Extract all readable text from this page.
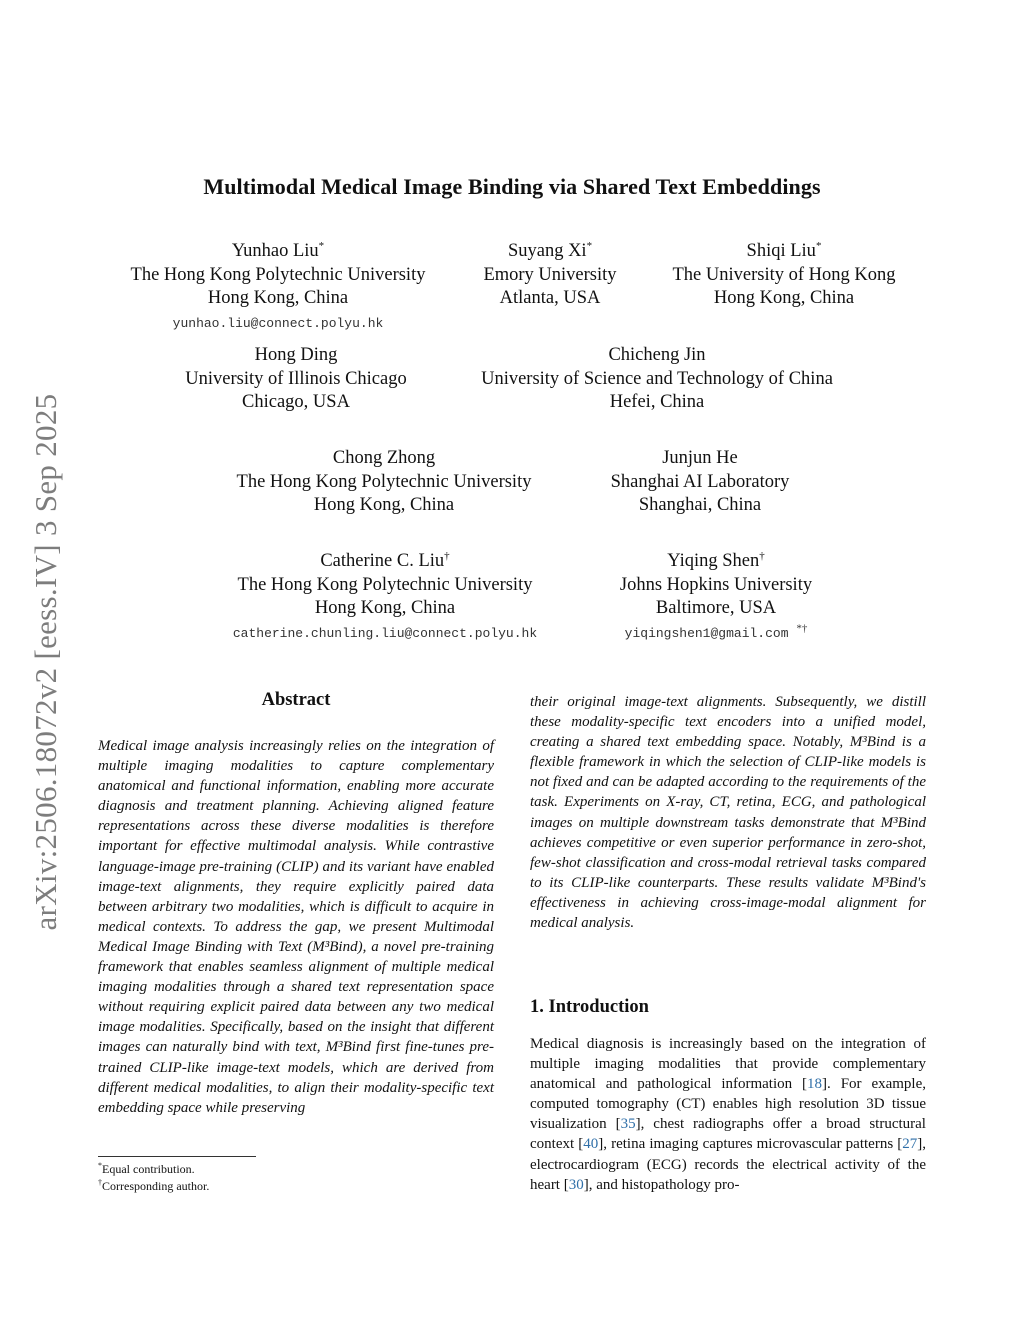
arXiv:2506.18072v2 [eess.IV] 3 Sep 2025
Multimodal Medical Image Binding via Shared Text Embeddings
Yunhao Liu*
The Hong Kong Polytechnic University
Hong Kong, China
yunhao.liu@connect.polyu.hk
Suyang Xi*
Emory University
Atlanta, USA
Shiqi Liu*
The University of Hong Kong
Hong Kong, China
Hong Ding
University of Illinois Chicago
Chicago, USA
Chicheng Jin
University of Science and Technology of China
Hefei, China
Chong Zhong
The Hong Kong Polytechnic University
Hong Kong, China
Junjun He
Shanghai AI Laboratory
Shanghai, China
Catherine C. Liu†
The Hong Kong Polytechnic University
Hong Kong, China
catherine.chunling.liu@connect.polyu.hk
Yiqing Shen†
Johns Hopkins University
Baltimore, USA
yiqingshen1@gmail.com *†
Abstract
Medical image analysis increasingly relies on the integration of multiple imaging modalities to capture complementary anatomical and functional information, enabling more accurate diagnosis and treatment planning. Achieving aligned feature representations across these diverse modalities is therefore important for effective multimodal analysis. While contrastive language-image pre-training (CLIP) and its variant have enabled image-text alignments, they require explicitly paired data between arbitrary two modalities, which is difficult to acquire in medical contexts. To address the gap, we present Multimodal Medical Image Binding with Text (M³Bind), a novel pre-training framework that enables seamless alignment of multiple medical imaging modalities through a shared text representation space without requiring explicit paired data between any two medical image modalities. Specifically, based on the insight that different images can naturally bind with text, M³Bind first fine-tunes pre-trained CLIP-like image-text models, which are derived from different medical modalities, to align their modality-specific text embedding space while preserving
their original image-text alignments. Subsequently, we distill these modality-specific text encoders into a unified model, creating a shared text embedding space. Notably, M³Bind is a flexible framework in which the selection of CLIP-like models is not fixed and can be adapted according to the requirements of the task. Experiments on X-ray, CT, retina, ECG, and pathological images on multiple downstream tasks demonstrate that M³Bind achieves competitive or even superior performance in zero-shot, few-shot classification and cross-modal retrieval tasks compared to its CLIP-like counterparts. These results validate M³Bind's effectiveness in achieving cross-image-modal alignment for medical analysis.
1. Introduction
Medical diagnosis is increasingly based on the integration of multiple imaging modalities that provide complementary anatomical and pathological information [18]. For example, computed tomography (CT) enables high resolution 3D tissue visualization [35], chest radiographs offer a broad structural context [40], retina imaging captures microvascular patterns [27], electrocardiogram (ECG) records the electrical activity of the heart [30], and histopathology pro-
*Equal contribution.
†Corresponding author.
